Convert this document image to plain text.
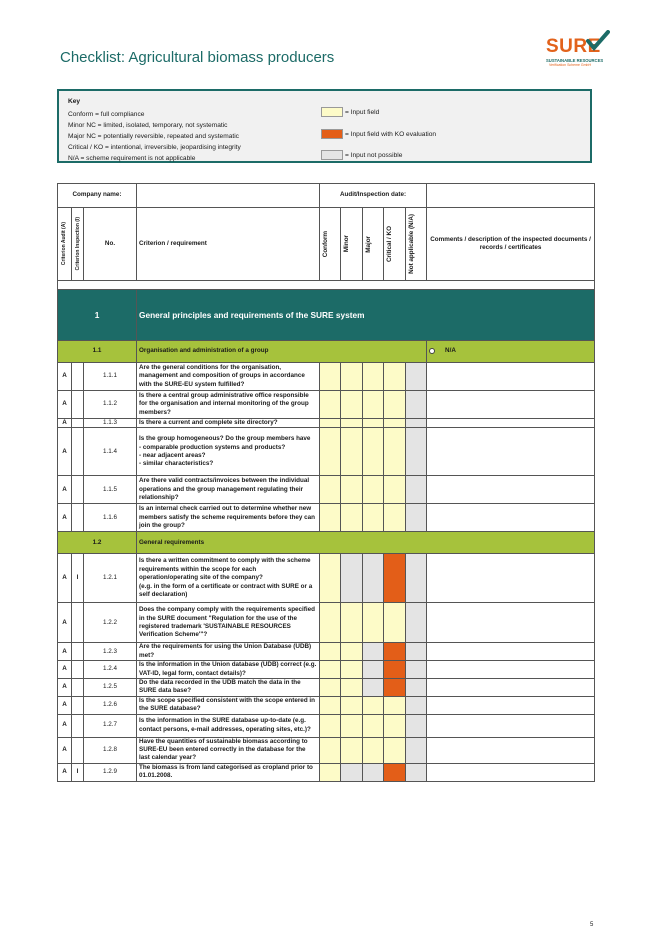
Checklist: Agricultural biomass producers
SURE
SUSTAINABLE RESOURCES
Verification Scheme GmbH
Key
Conform = full compliance
Minor NC = limited, isolated, temporary, not systematic
Major NC = potentially reversible, repeated and systematic
Critical / KO = intentional, irreversible, jeopardising integrity
N/A = scheme requirement is not applicable
= Input field
= Input field with KO evaluation
= Input not possible
Company name:				Audit/Inspection date:					

Criterion Audit (A)	Criterion Inspection (I)	No.	Criterion / requirement	Conform	Minor	Major	Critical / KO	Not applicable (N/A)	Comments / description of the inspected documents / records / certificates

1			General principles and requirements of the SURE system						
1.1			Organisation and administration of a group						N/A
A		1.1.1	Are the general conditions for the organisation, management and composition of groups in accordance with the SURE-EU system fulfilled?						
A		1.1.2	Is there a central group administrative office responsible for the organisation and internal monitoring of the group members?						
A		1.1.3	Is there a current and complete site directory?						
A		1.1.4	Is the group homogeneous? Do the group members have
- comparable production systems and products?
- near adjacent areas?
- similar characteristics?						
A		1.1.5	Are there valid contracts/invoices between the individual operations and the group management regulating their relationship?						
A		1.1.6	Is an internal check carried out to determine whether new members satisfy the scheme requirements before they can join the group?						
1.2			General requirements						
A	I	1.2.1	Is there a written commitment to comply with the scheme requirements within the scope for each operation/operating site of the company?
(e.g. in the form of a certificate or contract with SURE or a self declaration)						
A		1.2.2	Does the company comply with the requirements specified in the SURE document "Regulation for the use of the registered trademark 'SUSTAINABLE RESOURCES Verification Scheme'"?						
A		1.2.3	Are the requirements for using the Union Database (UDB) met?						
A		1.2.4	Is the information in the Union database (UDB) correct (e.g. VAT-ID, legal form, contact details)?						
A		1.2.5	Do the data recorded in the UDB match the data in the SURE data base?						
A		1.2.6	Is the scope specified consistent with the scope entered in the SURE database?						
A		1.2.7	Is the information in the SURE database up-to-date (e.g. contact persons, e-mail addresses, operating sites, etc.)?						
A		1.2.8	Have the quantities of sustainable biomass according to SURE-EU been entered correctly in the database for the last calendar year?						
A	I	1.2.9	The biomass is from land categorised as cropland prior to 01.01.2008.						
5
